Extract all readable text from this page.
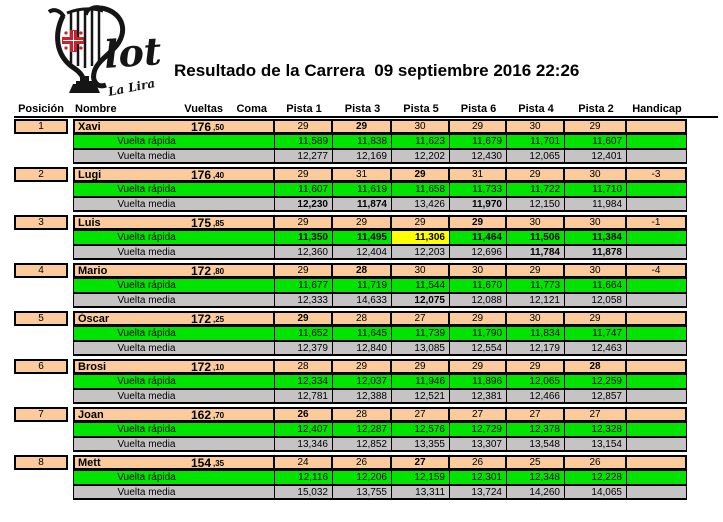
lot
La Lira
Resultado de la Carrera  09 septiembre 2016 22:26
Posición	Nombre	Vueltas	Coma	Pista 1	Pista 3	Pista 5	Pista 6	Pista 4	Pista 2	Handicap
1	Xavi	176 ,50	29	29	30	29	30	29
Vuelta rápida	11,589	11,838	11,623	11,679	11,701	11,607
Vuelta media	12,277	12,169	12,202	12,430	12,065	12,401
2	Lugi	176 ,40	29	31	29	31	29	30	-3
Vuelta rápida	11,607	11,619	11,658	11,733	11,722	11,710
Vuelta media	12,230	11,874	13,426	11,970	12,150	11,984
3	Luis	175 ,85	29	29	29	29	30	30	-1
Vuelta rápida	11,350	11,495	11,306	11,464	11,506	11,384
Vuelta media	12,360	12,404	12,203	12,696	11,784	11,878
4	Mario	172 ,80	29	28	30	30	29	30	-4
Vuelta rápida	11,677	11,719	11,544	11,670	11,773	11,664
Vuelta media	12,333	14,633	12,075	12,088	12,121	12,058
5	Óscar	172 ,25	29	28	27	29	30	29
Vuelta rápida	11,652	11,645	11,739	11,790	11,834	11,747
Vuelta media	12,379	12,840	13,085	12,554	12,179	12,463
6	Brosi	172 ,10	28	29	29	29	29	28
Vuelta rápida	12,334	12,037	11,946	11,896	12,065	12,259
Vuelta media	12,781	12,388	12,521	12,381	12,466	12,857
7	Joan	162 ,70	26	28	27	27	27	27
Vuelta rápida	12,407	12,287	12,576	12,729	12,378	12,328
Vuelta media	13,346	12,852	13,355	13,307	13,548	13,154
8	Mett	154 ,35	24	26	27	26	25	26
Vuelta rápida	12,116	12,206	12,159	12,301	12,348	12,228
Vuelta media	15,032	13,755	13,311	13,724	14,260	14,065
